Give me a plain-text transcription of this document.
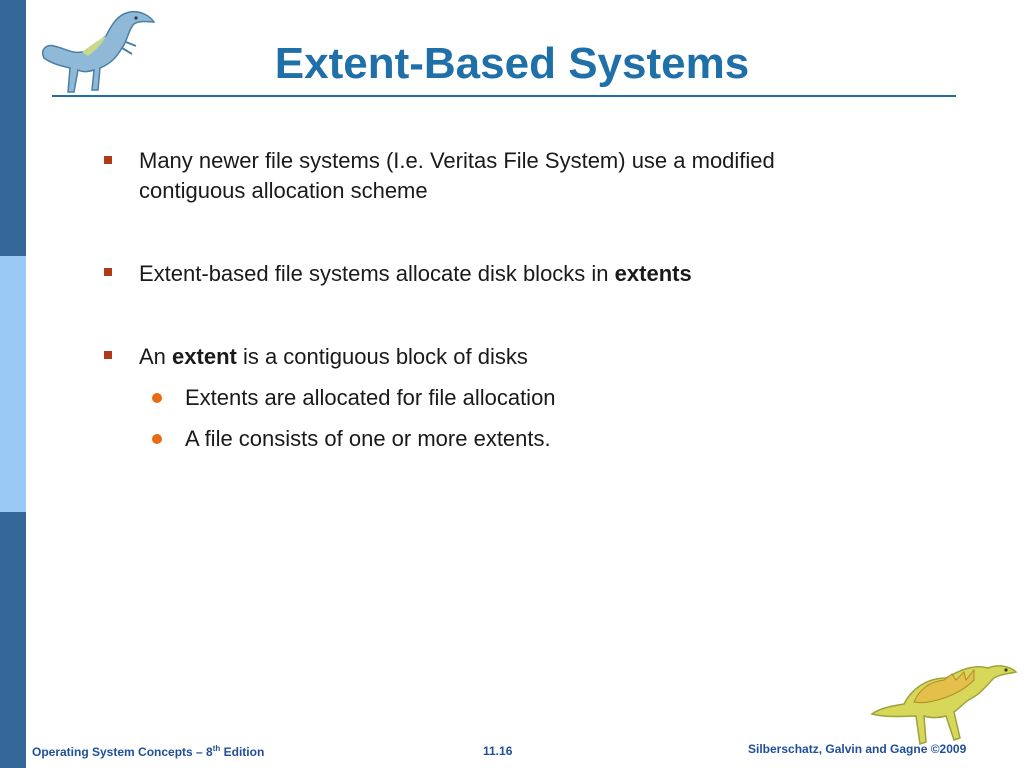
Extent-Based Systems
Many newer file systems (I.e. Veritas File System) use a modified
contiguous allocation scheme
Extent-based file systems allocate disk blocks in extents
An extent is a contiguous block of disks
Extents are allocated for file allocation
A file consists of one or more extents.
Operating System Concepts – 8th Edition	11.16	Silberschatz, Galvin and Gagne ©2009
